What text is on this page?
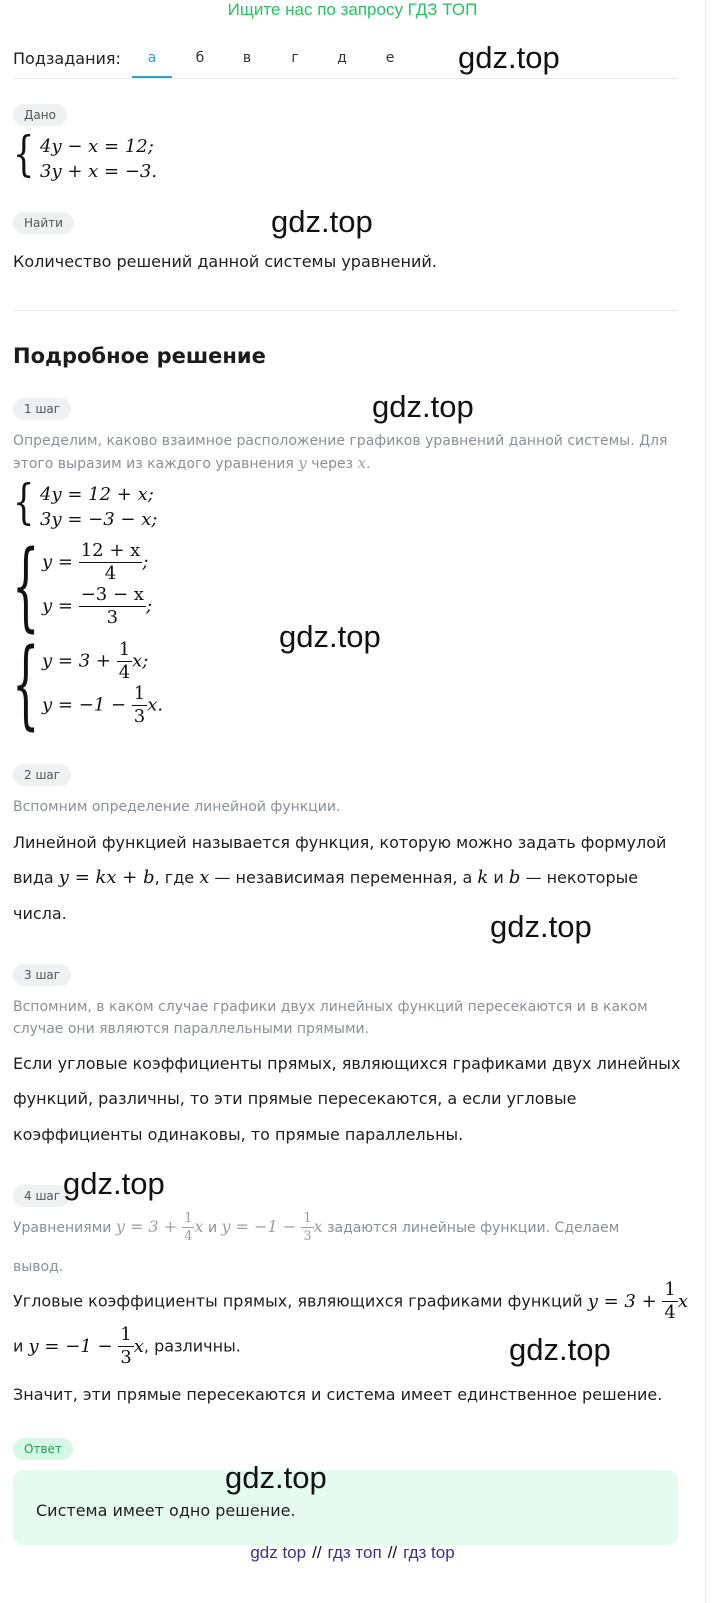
Ищите нас по запросу ГДЗ ТОП
Подзадания:	а	б	в	г	д	е
Дано
{ 4y − x = 12;
3y + x = −3.
Найти
Количество решений данной системы уравнений.
Подробное решение
1 шаг
Определим, каково взаимное расположение графиков уравнений данной системы. Для этого выразим из каждого уравнения y через x.
{ 4y = 12 + x;
3y = −3 − x;
{ $y = \frac{12 + x}{4}$ ;
$y = \frac{-3 - x}{3}$ ;
{ $y = 3 + \frac{1}{4} x$;
$y = -1 - \frac{1}{3} x$.
2 шаг
Вспомним определение линейной функции.
Линейной функцией называется функция, которую можно задать формулой
вида y = kx + b, где x — независимая переменная, а k и b — некоторые
числа.
3 шаг
Вспомним, в каком случае графики двух линейных функций пересекаются и в каком случае они являются параллельными прямыми.
Если угловые коэффициенты прямых, являющихся графиками двух линейных
функций, различны, то эти прямые пересекаются, а если угловые
коэффициенты одинаковы, то прямые параллельны.
4 шаг
Уравнениями $y = 3 + \frac{1}{4}$ x и $y = -1 - \frac{1}{3}$ x задаются линейные функции. Сделаем
вывод.
Угловые коэффициенты прямых, являющихся графиками функций $y = 3 + \frac{1}{4}$ x
и $y = -1 - \frac{1}{3} x$, различны.
Значит, эти прямые пересекаются и система имеет единственное решение.
Ответ
Система имеет одно решение.
gdz top // гдз топ // гдз top
gdz.top
gdz.top
gdz.top
gdz.top
gdz.top
gdz.top
gdz.top
gdz.top
